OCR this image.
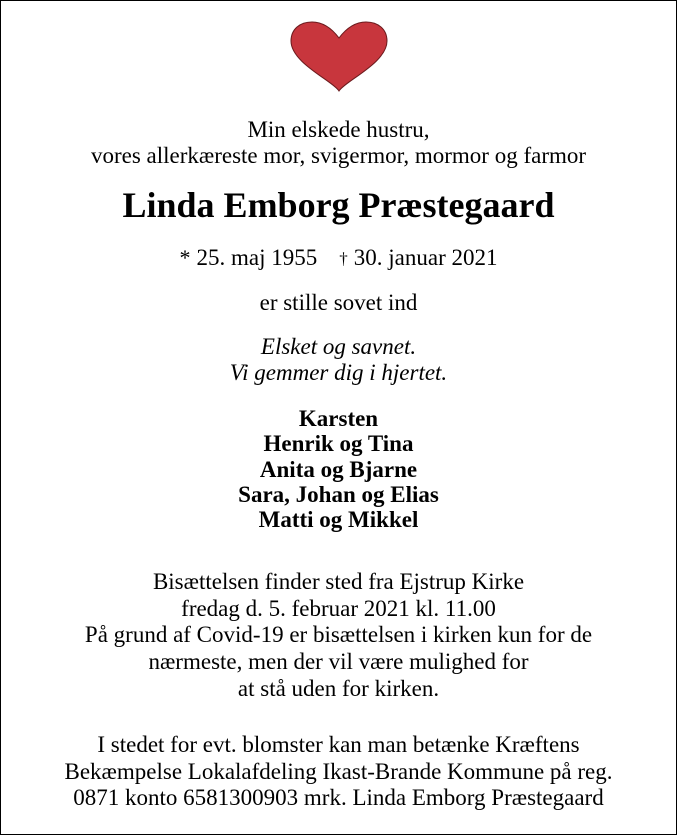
Min elskede hustru,
vores allerkæreste mor, svigermor, mormor og farmor
Linda Emborg Præstegaard
* 25. maj 1955 † 30. januar 2021
er stille sovet ind
Elsket og savnet.
Vi gemmer dig i hjertet.
Karsten
Henrik og Tina
Anita og Bjarne
Sara, Johan og Elias
Matti og Mikkel
Bisættelsen finder sted fra Ejstrup Kirke
fredag d. 5. februar 2021 kl. 11.00
På grund af Covid-19 er bisættelsen i kirken kun for de
nærmeste, men der vil være mulighed for
at stå uden for kirken.
I stedet for evt. blomster kan man betænke Kræftens
Bekæmpelse Lokalafdeling Ikast-Brande Kommune på reg.
0871 konto 6581300903 mrk. Linda Emborg Præstegaard
